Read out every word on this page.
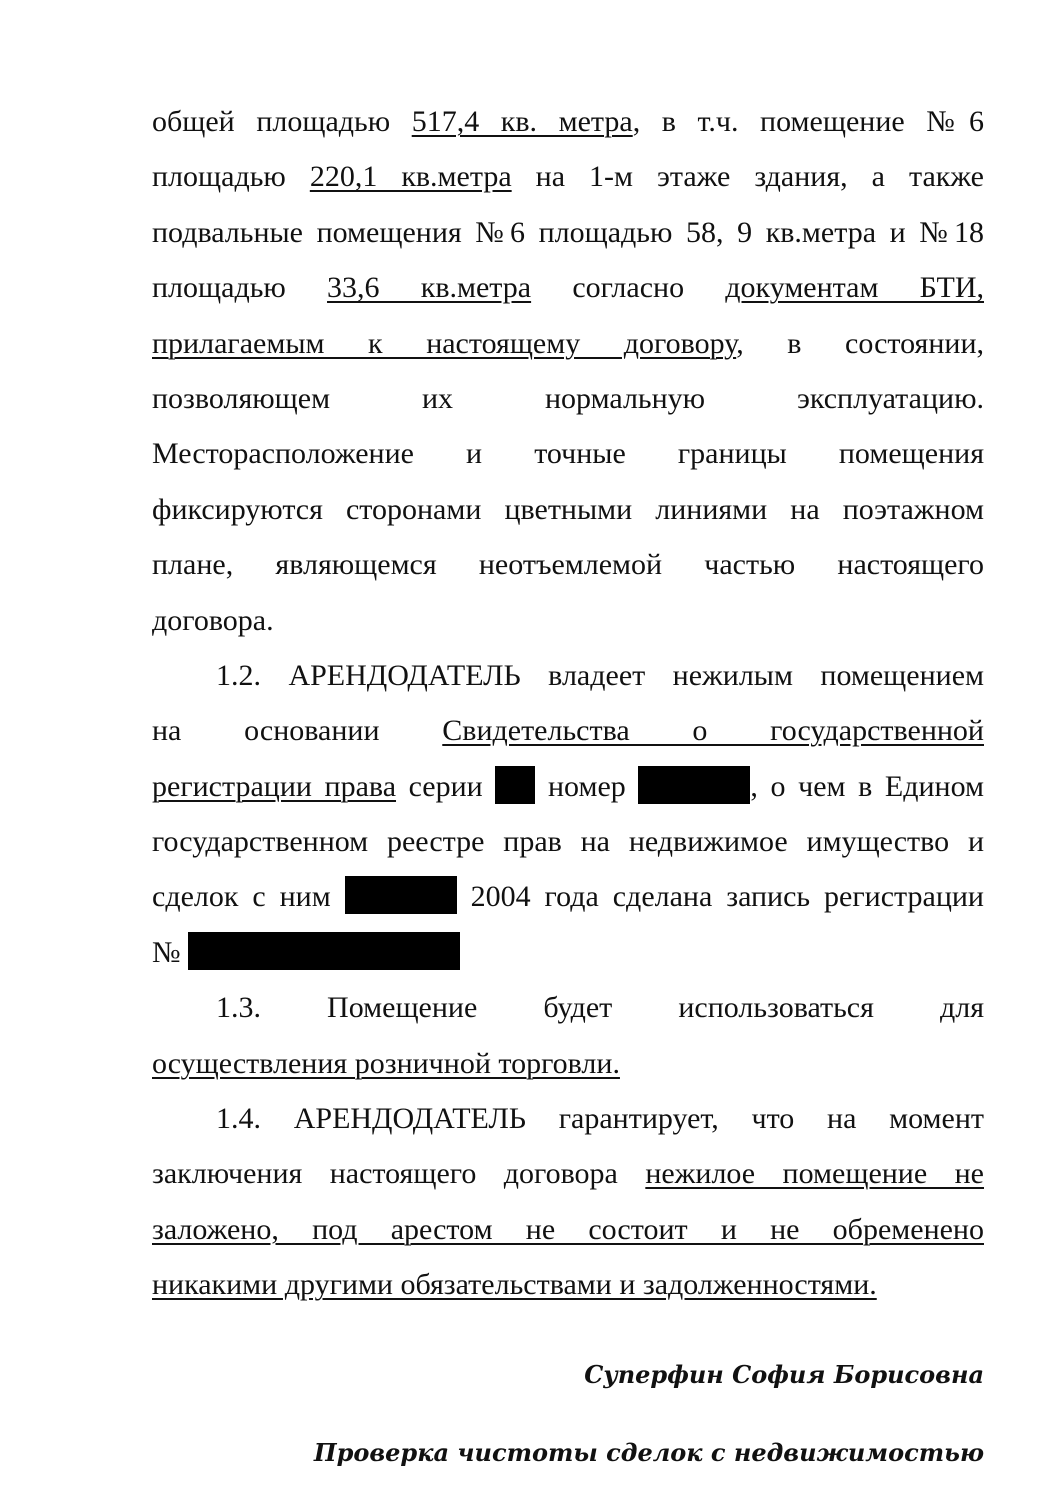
общей площадью 517,4 кв. метра, в т.ч. помещение №6
площадью 220,1 кв.метра на 1-м этаже здания, а также
подвальные помещения №6 площадью 58, 9 кв.метра и №18
площадью 33,6 кв.метра согласно документам БТИ,
прилагаемым к настоящему договору, в состоянии,
позволяющем их нормальную эксплуатацию.
Месторасположение и точные границы помещения
фиксируются сторонами цветными линиями на поэтажном
плане, являющемся неотъемлемой частью настоящего
договора.
1.2. АРЕНДОДАТЕЛЬ владеет нежилым помещением
на основании Свидетельства о государственной
регистрации права серии  номер	, о чем в Едином
государственном реестре прав на недвижимое имущество и
сделок с ним	2004 года сделана запись регистрации
№
1.3. Помещение будет использоваться для
осуществления розничной торговли.
1.4. АРЕНДОДАТЕЛЬ гарантирует, что на момент
заключения настоящего договора нежилое помещение не
заложено, под арестом не состоит и не обременено
никакими другими обязательствами и задолженностями.
Суперфин София Борисовна
Проверка чистоты сделок с недвижимостью
